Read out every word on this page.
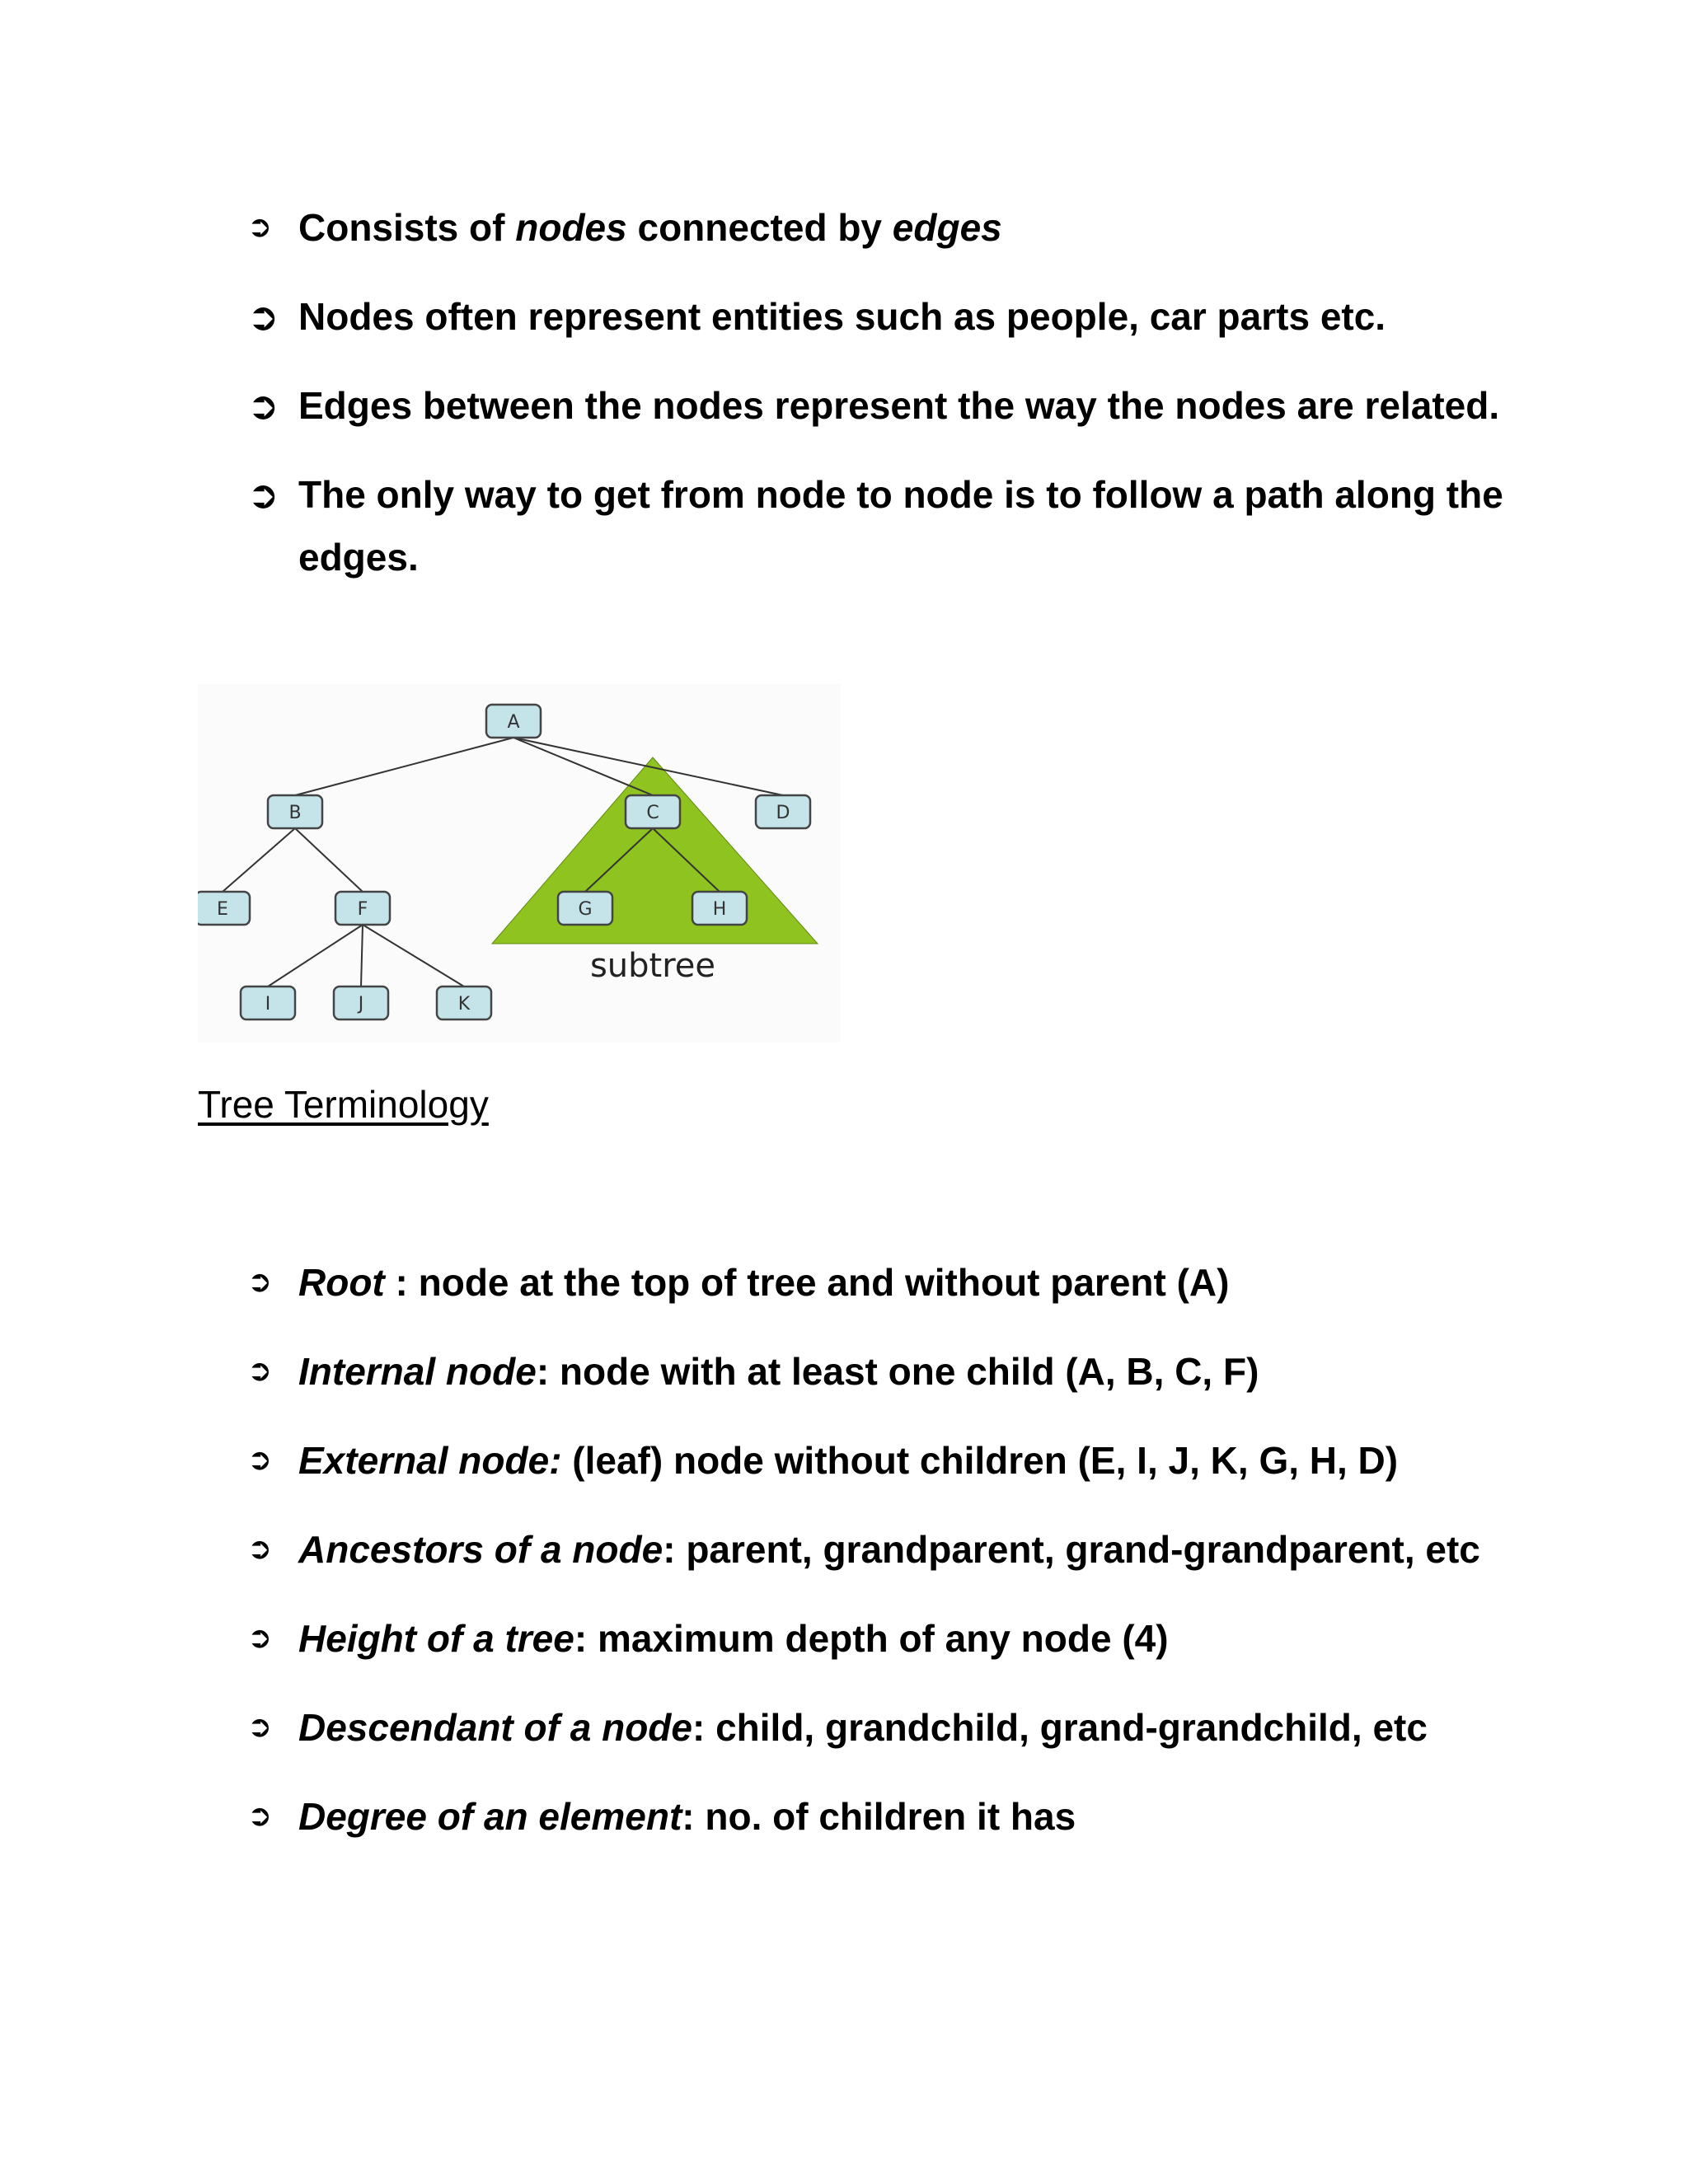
➲ Consists of nodes connected by edges
➲ Nodes often represent entities such as people, car parts etc.
➲ Edges between the nodes represent the way the nodes are related.
➲ The only way to get from node to node is to follow a path along the edges.
A
B	C	D
E	F	G	H
I	J	K
subtree
Tree Terminology
➲ Root : node at the top of tree and without parent (A)
➲ Internal node: node with at least one child (A, B, C, F)
➲ External node: (leaf) node without children (E, I, J, K, G, H, D)
➲ Ancestors of a node: parent, grandparent, grand-grandparent, etc
➲ Height of a tree: maximum depth of any node (4)
➲ Descendant of a node: child, grandchild, grand-grandchild, etc
➲ Degree of an element: no. of children it has
